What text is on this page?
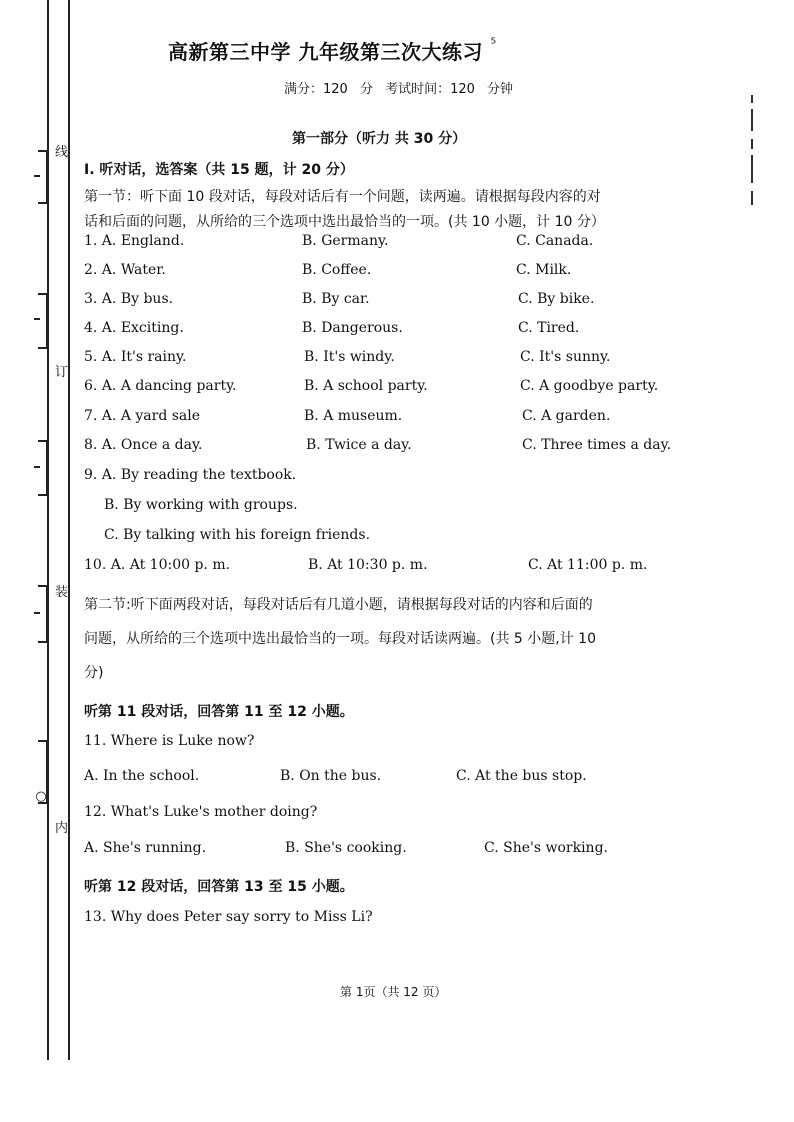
线
订
装
内
○
高新第三中学 九年级第三次大练习 $^{^5}$
满分：120 分 考试时间：120 分钟
第一部分（听力 共 30 分）
I. 听对话，选答案（共 15 题，计 20 分）
第一节：听下面 10 段对话，每段对话后有一个问题，读两遍。请根据每段内容的对
话和后面的问题，从所给的三个选项中选出最恰当的一项。(共 10 小题，计 10 分）
1. A. England.	B. Germany.	C. Canada.
2. A. Water.	B. Coffee.	C. Milk.
3. A. By bus.	B. By car.	C. By bike.
4. A. Exciting.	B. Dangerous.	C. Tired.
5. A. It's rainy.	B. It's windy.	C. It's sunny.
6. A. A dancing party.	B. A school party.	C. A goodbye party.
7. A. A yard sale	B. A museum.	C. A garden.
8. A. Once a day.	B. Twice a day.	C. Three times a day.
9. A. By reading the textbook.
B. By working with groups.
C. By talking with his foreign friends.
10. A. At 10:00 p. m.	B. At 10:30 p. m.	C. At 11:00 p. m.
第二节:听下面两段对话，每段对话后有几道小题，请根据每段对话的内容和后面的
问题，从所给的三个选项中选出最恰当的一项。每段对话读两遍。(共 5 小题,计 10
分)
听第 11 段对话，回答第 11 至 12 小题。
11. Where is Luke now?
A. In the school.	B. On the bus.	C. At the bus stop.
12. What's Luke's mother doing?
A. She's running.	B. She's cooking.	C. She's working.
听第 12 段对话，回答第 13 至 15 小题。
13. Why does Peter say sorry to Miss Li?
第 1页（共 12 页）
